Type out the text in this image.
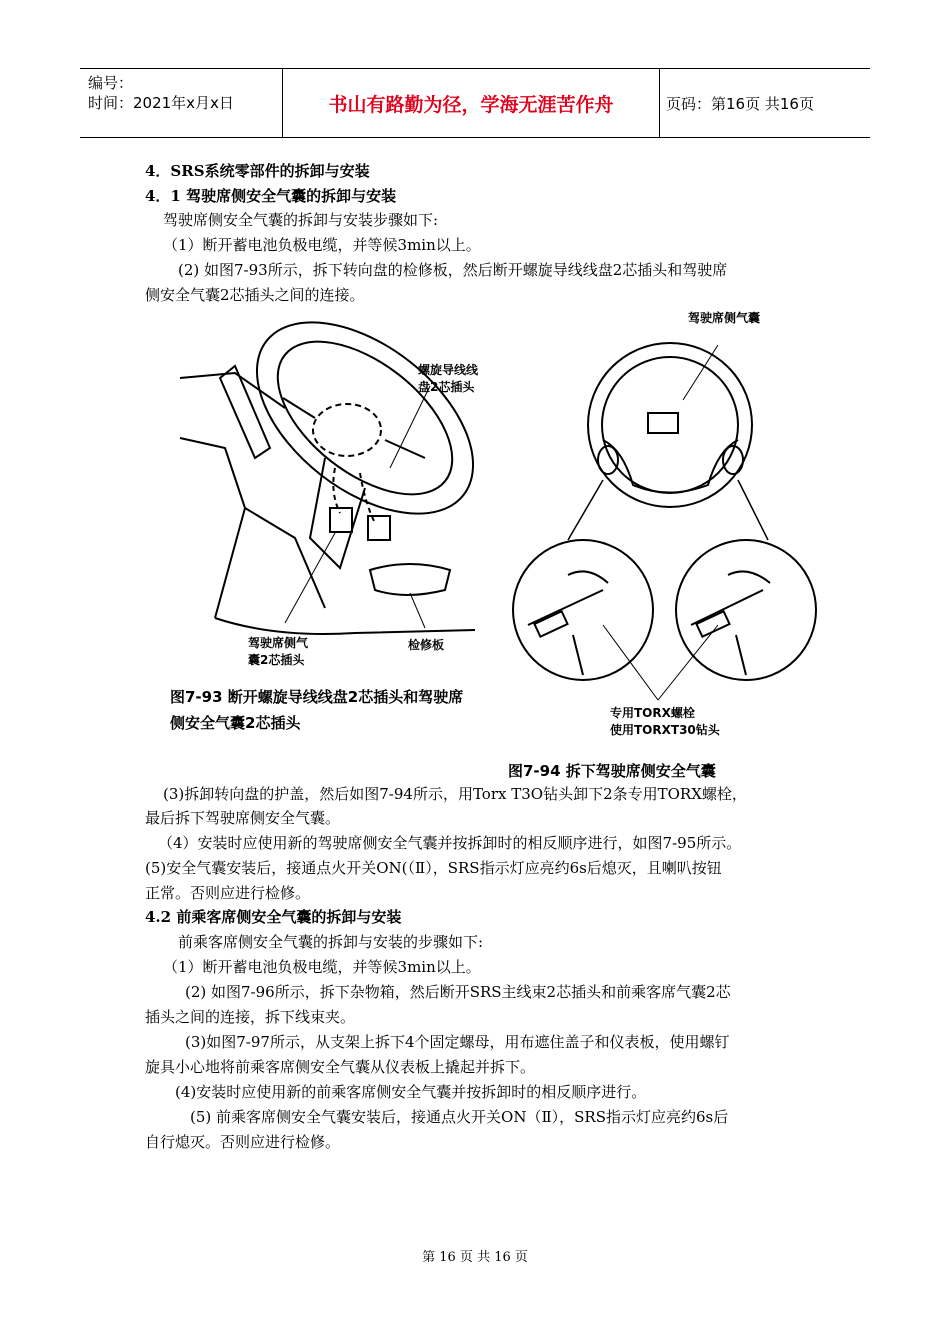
编号：
时间：2021年x月x日	书山有路勤为径，学海无涯苦作舟	页码：第16页 共16页
4．SRS系统零部件的拆卸与安装
4．1 驾驶席侧安全气囊的拆卸与安装
驾驶席侧安全气囊的拆卸与安装步骤如下:
（1）断开蓄电池负极电缆，并等候3min以上。
(2) 如图7-93所示，拆下转向盘的检修板，然后断开螺旋导线线盘2芯插头和驾驶席
侧安全气囊2芯插头之间的连接。
螺旋导线线
盘2芯插头
驾驶席侧气
囊2芯插头
检修板
图7-93 断开螺旋导线线盘2芯插头和驾驶席
侧安全气囊2芯插头
驾驶席侧气囊
专用TORX螺栓
使用TORXT30钻头
图7-94 拆下驾驶席侧安全气囊
(3)拆卸转向盘的护盖，然后如图7-94所示，用Torx T3O钻头卸下2条专用TORX螺栓，
最后拆下驾驶席侧安全气囊。
（4）安装时应使用新的驾驶席侧安全气囊并按拆卸时的相反顺序进行，如图7-95所示。
(5)安全气囊安装后，接通点火开关ON(（Ⅱ），SRS指示灯应亮约6s后熄灭，且喇叭按钮
正常。否则应进行检修。
4.2 前乘客席侧安全气囊的拆卸与安装
前乘客席侧安全气囊的拆卸与安装的步骤如下:
（1）断开蓄电池负极电缆，并等候3min以上。
(2) 如图7-96所示，拆下杂物箱，然后断开SRS主线束2芯插头和前乘客席气囊2芯
插头之间的连接，拆下线束夹。
(3)如图7-97所示，从支架上拆下4个固定螺母，用布遮住盖子和仪表板，使用螺钉
旋具小心地将前乘客席侧安全气囊从仪表板上撬起并拆下。
(4)安装时应使用新的前乘客席侧安全气囊并按拆卸时的相反顺序进行。
(5) 前乘客席侧安全气囊安装后，接通点火开关ON（Ⅱ），SRS指示灯应亮约6s后
自行熄灭。否则应进行检修。
第 16 页 共 16 页
